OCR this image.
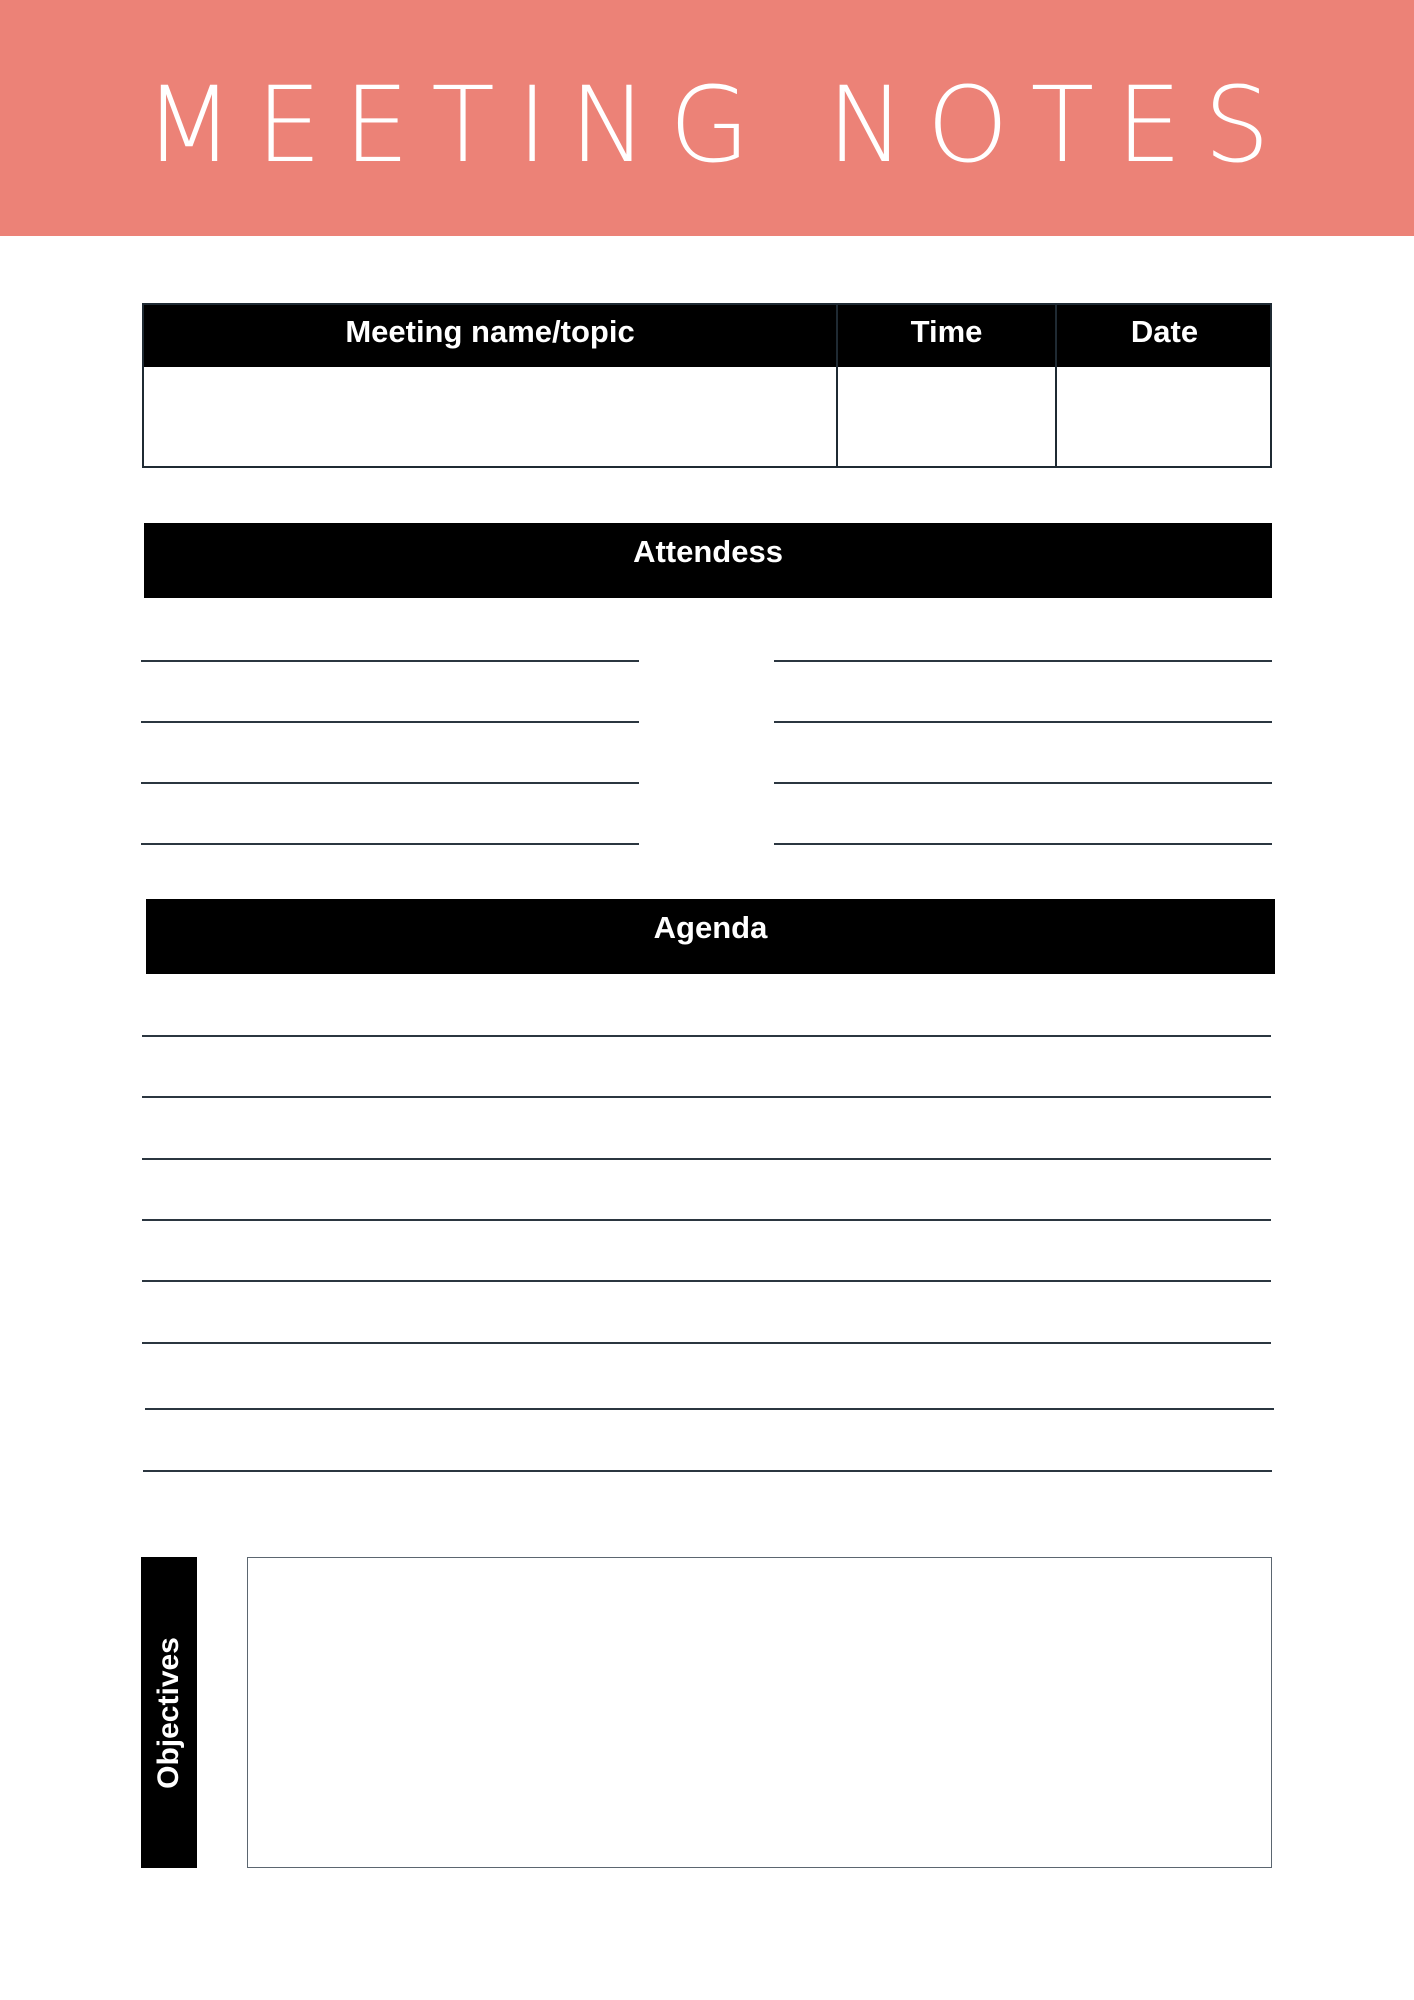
MEETING NOTES
Meeting name/topic	Time	Date
Attendess
Agenda
Objectives
